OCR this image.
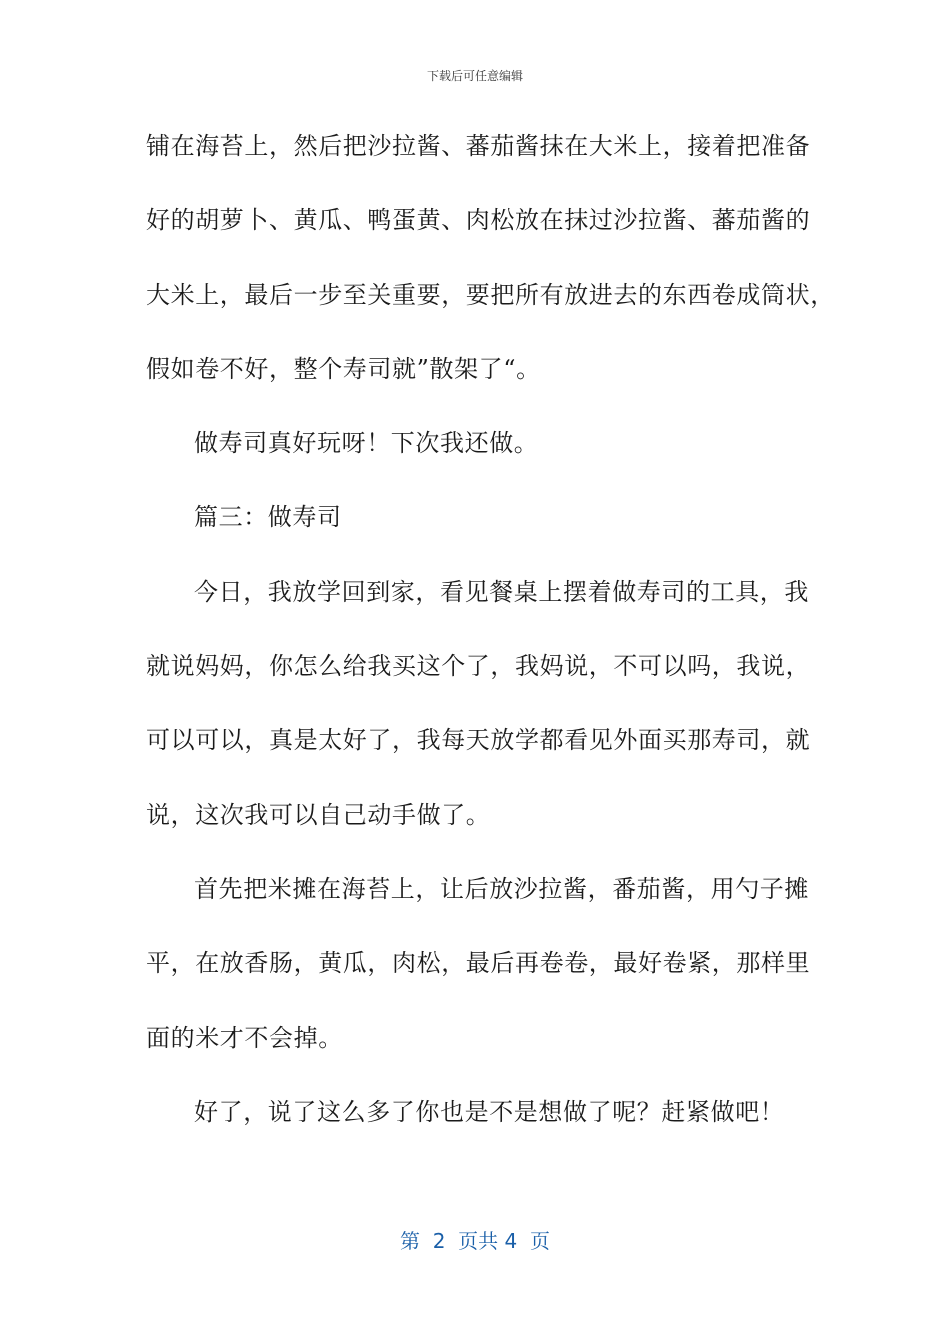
下载后可任意编辑
铺在海苔上，然后把沙拉酱、蕃茄酱抹在大米上，接着把准备
好的胡萝卜、黄瓜、鸭蛋黄、肉松放在抹过沙拉酱、蕃茄酱的
大米上，最后一步至关重要，要把所有放进去的东西卷成筒状，
假如卷不好，整个寿司就”散架了“。
做寿司真好玩呀！下次我还做。
篇三：做寿司
今日，我放学回到家，看见餐桌上摆着做寿司的工具，我
就说妈妈，你怎么给我买这个了，我妈说，不可以吗，我说，
可以可以，真是太好了，我每天放学都看见外面买那寿司，就
说，这次我可以自己动手做了。
首先把米摊在海苔上，让后放沙拉酱，番茄酱，用勺子摊
平，在放香肠，黄瓜，肉松，最后再卷卷，最好卷紧，那样里
面的米才不会掉。
好了，说了这么多了你也是不是想做了呢？赶紧做吧！
第  2  页共 4  页
